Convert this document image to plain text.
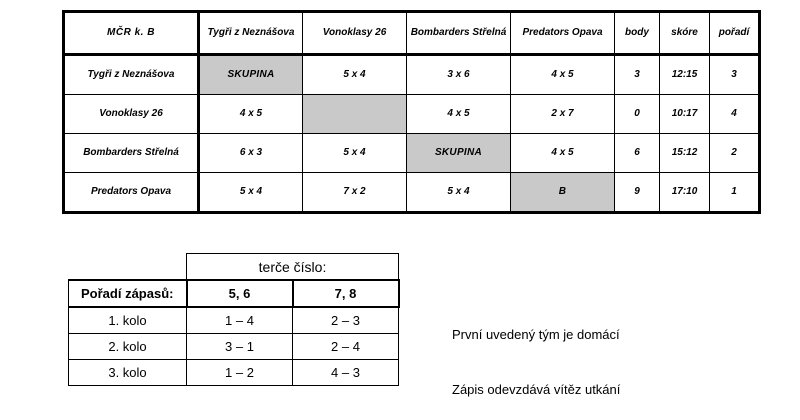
MČR k. B	Tygři z Neznášova	Vonoklasy 26	Bombarders Střelná	Predators Opava	body	skóre	pořadí
Tygři z Neznášova	SKUPINA	5 x 4	3 x 6	4 x 5	3	12:15	3
Vonoklasy 26	4 x 5		4 x 5	2 x 7	0	10:17	4
Bombarders Střelná	6 x 3	5 x 4	SKUPINA	4 x 5	6	15:12	2
Predators Opava	5 x 4	7 x 2	5 x 4	B	9	17:10	1
	terče číslo:	
Pořadí zápasů:	5, 6	7, 8
1. kolo	1 – 4	2 – 3
2. kolo	3 – 1	2 – 4
3. kolo	1 – 2	4 – 3
První uvedený tým je domácí
Zápis odevzdává vítěz utkání
